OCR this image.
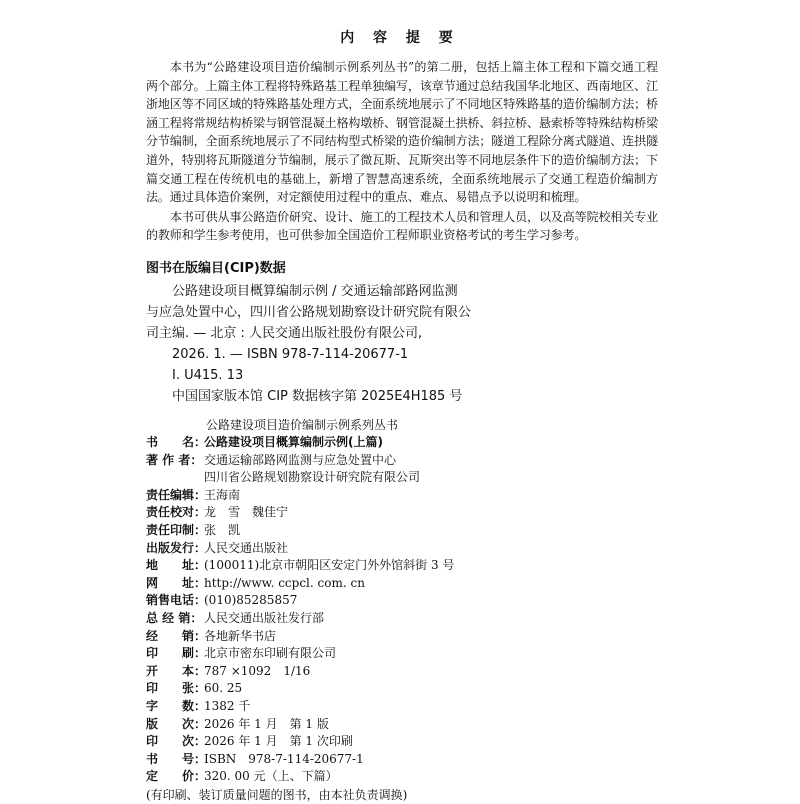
内 容 提 要

本书为“公路建设项目造价编制示例系列丛书”的第二册，包括上篇主体工程和下篇交通工程两个部分。上篇主体工程将特殊路基工程单独编写，该章节通过总结我国华北地区、西南地区、江浙地区等不同区域的特殊路基处理方式，全面系统地展示了不同地区特殊路基的造价编制方法；桥涵工程将常规结构桥梁与钢管混凝土格构墩桥、钢管混凝土拱桥、斜拉桥、悬索桥等特殊结构桥梁分节编制，全面系统地展示了不同结构型式桥梁的造价编制方法；隧道工程除分离式隧道、连拱隧道外，特别将瓦斯隧道分节编制，展示了微瓦斯、瓦斯突出等不同地层条件下的造价编制方法；下篇交通工程在传统机电的基础上，新增了智慧高速系统，全面系统地展示了交通工程造价编制方法。通过具体造价案例，对定额使用过程中的重点、难点、易错点予以说明和梳理。

本书可供从事公路造价研究、设计、施工的工程技术人员和管理人员，以及高等院校相关专业的教师和学生参考使用，也可供参加全国造价工程师职业资格考试的考生学习参考。

图书在版编目(CIP)数据
公路建设项目概算编制示例 / 交通运输部路网监测
与应急处置中心，四川省公路规划勘察设计研究院有限公
司主编. — 北京 : 人民交通出版社股份有限公司,
2026. 1. — ISBN 978-7-114-20677-1
Ⅰ. U415. 13
中国国家版本馆 CIP 数据核字第 2025E4H185 号
公路建设项目造价编制示例系列丛书
书　　名：
公路建设项目概算编制示例(上篇)
著 作 者： 交通运输部路网监测与应急处置中心
四川省公路规划勘察设计研究院有限公司
责任编辑：
王海南
责任校对：
龙　雪　魏佳宁
责任印制：
张　凯
出版发行：
人民交通出版社
地　　址：
(100011)北京市朝阳区安定门外外馆斜街 3 号
网　　址：
http://www. ccpcl. com. cn
销售电话：
(010)85285857
总 经 销： 人民交通出版社发行部
经　　销：
各地新华书店
印　　刷：
北京市密东印刷有限公司
开　　本：
787 ×1092　1/16
印　　张：
60. 25
字　　数：
1382 千
版　　次：
2026 年 1 月　第 1 版
印　　次：
2026 年 1 月　第 1 次印刷
书　　号：
ISBN　978-7-114-20677-1
定　　价：
320. 00 元（上、下篇）
(有印刷、装订质量问题的图书，由本社负责调换)
